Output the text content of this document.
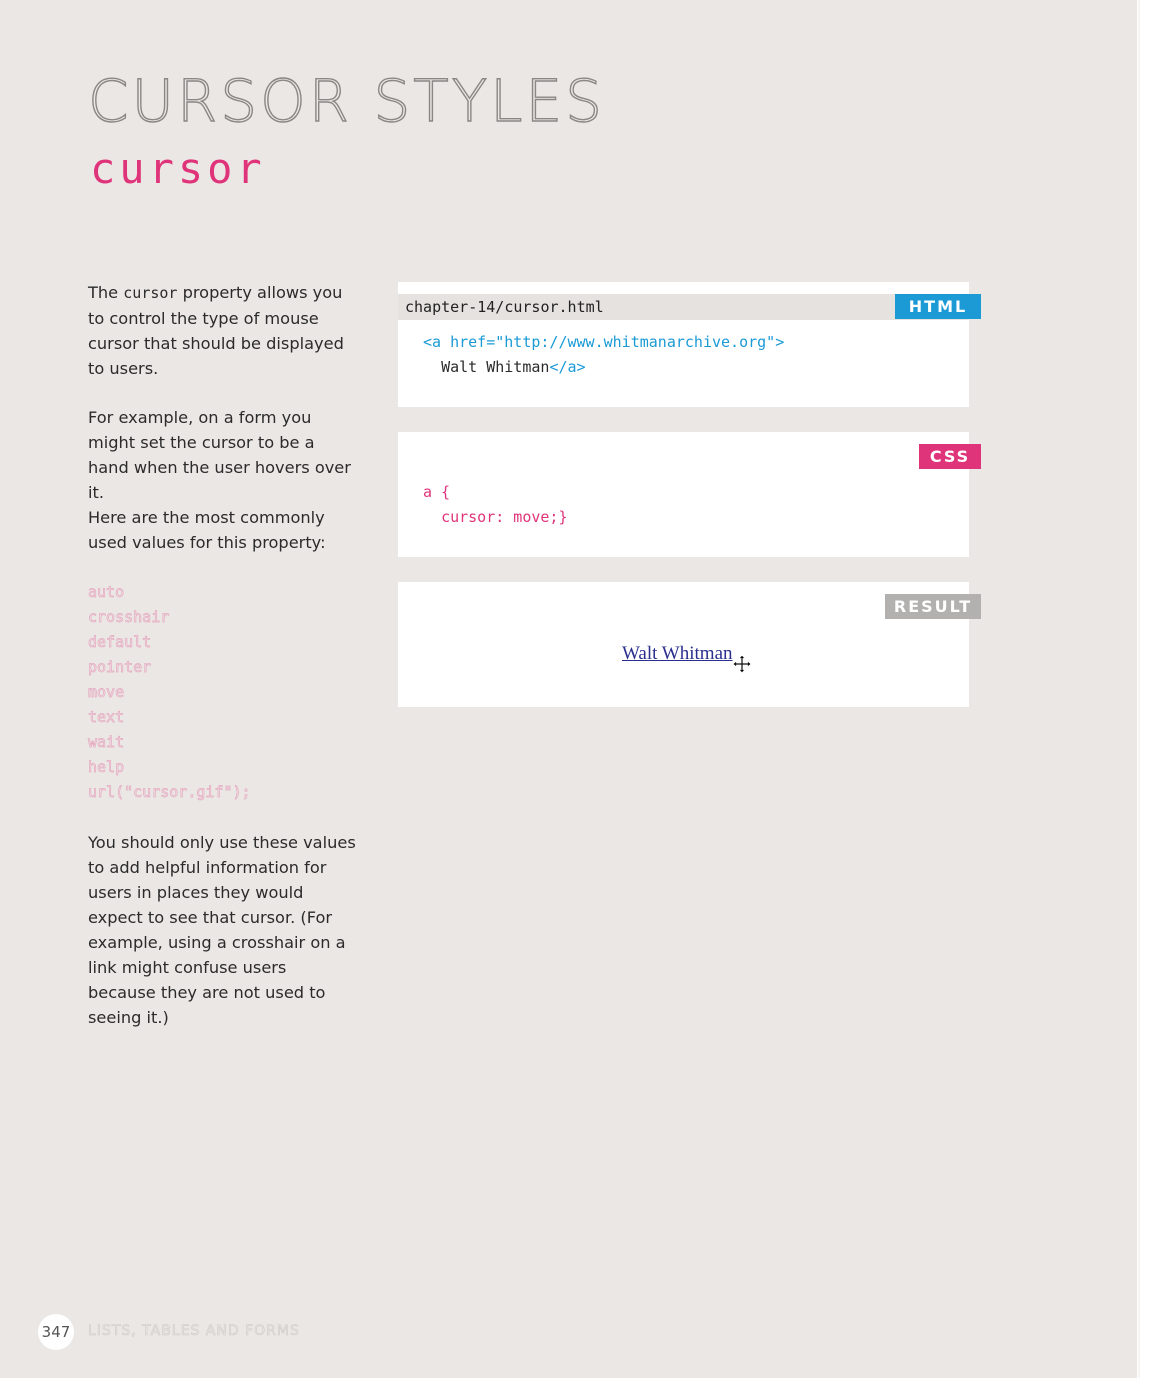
CURSOR STYLES
cursor

The cursor property allows you to control the type of mouse cursor that should be displayed to users.

For example, on a form you might set the cursor to be a hand when the user hovers over it.

Here are the most commonly used values for this property:

auto
crosshair
default
pointer
move
text
wait
help
url("cursor.gif");

You should only use these values to add helpful information for users in places they would expect to see that cursor. (For example, using a crosshair on a link might confuse users because they are not used to seeing it.)

chapter-14/cursor.html	HTML
<a href="http://www.whitmanarchive.org">
Walt Whitman</a>
CSS
a {
cursor: move;}
RESULT
Walt Whitman
347 LISTS, TABLES AND FORMS
